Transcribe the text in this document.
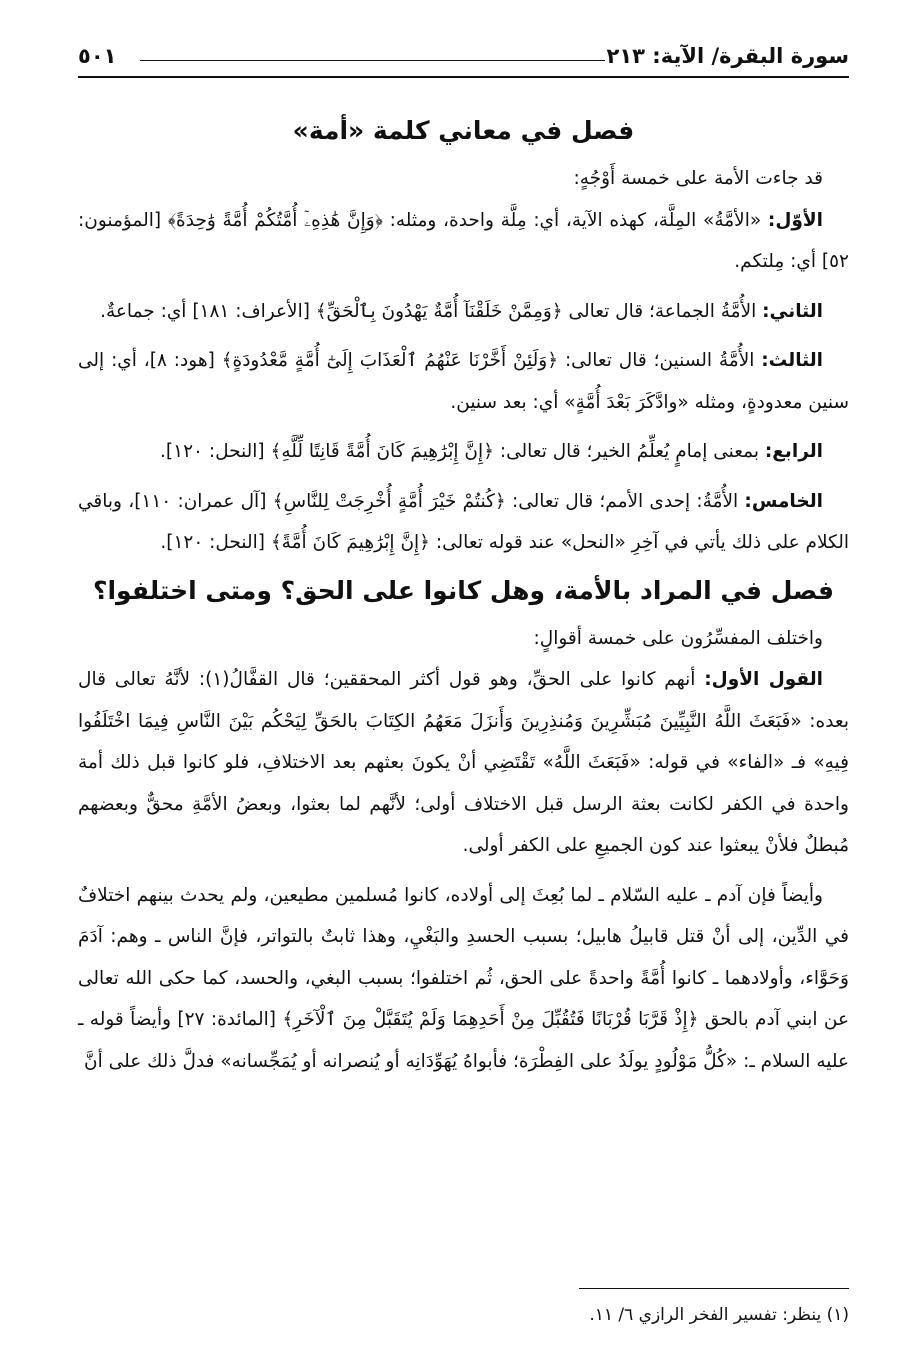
سورة البقرة/ الآية: ٢١٣
٥٠١
فصل في معاني كلمة «أمة»

قد جاءت الأمة على خمسة أَوْجُهٍ:

الأوّل: «الأمَّةُ» المِلَّة، كهذه الآية، أي: مِلَّة واحدة، ومثله: ﴿وَإِنَّ هَٰذِهِۦٓ أُمَّتُكُمْ أُمَّةً وَٰحِدَةً﴾ [المؤمنون: ٥٢] أي: مِلتكم.

الثاني: الأُمَّةُ الجماعة؛ قال تعالى ﴿وَمِمَّنْ خَلَقْنَآ أُمَّةٌ يَهْدُونَ بِٱلْحَقِّ﴾ [الأعراف: ١٨١] أي: جماعةٌ.

الثالث: الأُمَّةُ السنين؛ قال تعالى: ﴿وَلَئِنْ أَخَّرْنَا عَنْهُمُ ٱلْعَذَابَ إِلَىٰٓ أُمَّةٍ مَّعْدُودَةٍ﴾ [هود: ٨]، أي: إلى سنين معدودةٍ، ومثله «وادَّكَرَ بَعْدَ أُمَّةٍ» أي: بعد سنين.

الرابع: بمعنى إمامٍ يُعلِّمُ الخير؛ قال تعالى: ﴿إِنَّ إِبْرَٰهِيمَ كَانَ أُمَّةً قَانِتًا لِّلَّهِ﴾ [النحل: ١٢٠].

الخامس: الأُمَّةُ: إحدى الأمم؛ قال تعالى: ﴿كُنتُمْ خَيْرَ أُمَّةٍ أُخْرِجَتْ لِلنَّاسِ﴾ [آل عمران: ١١٠]، وباقي الكلام على ذلك يأتي في آخِرِ «النحل» عند قوله تعالى: ﴿إِنَّ إِبْرَٰهِيمَ كَانَ أُمَّةً﴾ [النحل: ١٢٠].

فصل في المراد بالأمة، وهل كانوا على الحق؟ ومتى اختلفوا؟

واختلف المفسِّرُون على خمسة أقوالٍ:

القول الأول: أنهم كانوا على الحقِّ، وهو قول أكثر المحققين؛ قال القفَّالُ(١): لأنَّهُ تعالى قال بعده: «فَبَعَثَ اللَّهُ النَّبِيِّينَ مُبَشِّرِينَ وَمُنذِرِينَ وَأَنزَلَ مَعَهُمُ الكِتَابَ بالحَقِّ لِيَحْكُم بَيْنَ النَّاسِ فِيمَا اخْتَلَفُوا فِيهِ» فـ «الفاء» في قوله: «فَبَعَثَ اللَّهُ» تَقْتَضِي أنْ يكونَ بعثهم بعد الاختلافِ، فلو كانوا قبل ذلك أمة واحدة في الكفر لكانت بعثة الرسل قبل الاختلاف أولى؛ لأنَّهم لما بعثوا، وبعضُ الأمَّةِ محقٌّ وبعضهم مُبطلٌ فلأنْ يبعثوا عند كون الجميعِ على الكفر أولى.

وأيضاً فإن آدم ـ عليه السّلام ـ لما بُعِثَ إلى أولاده، كانوا مُسلمين مطيعين، ولم يحدث بينهم اختلافٌ في الدِّين، إلى أنْ قتل قابيلُ هابيل؛ بسبب الحسدِ والبَغْيِ، وهذا ثابتٌ بالتواتر، فإنَّ الناس ـ وهم: آدَمَ وَحَوَّاء، وأولادهما ـ كانوا أُمَّةً واحدةً على الحق، ثُم اختلفوا؛ بسبب البغي، والحسد، كما حكى الله تعالى عن ابني آدم بالحق ﴿إِذْ قَرَّبَا قُرْبَانًا فَتُقُبِّلَ مِنْ أَحَدِهِمَا وَلَمْ يُتَقَبَّلْ مِنَ ٱلْآخَرِ﴾ [المائدة: ٢٧] وأيضاً قوله ـ عليه السلام ـ: «كُلُّ مَوْلُودٍ يولَدُ على الفِطْرَة؛ فأبواهُ يُهَوِّدَانِه أو يُنصرانه أو يُمَجِّسانه» فدلَّ ذلك على أنَّ

(١) ينظر: تفسير الفخر الرازي ٦/ ١١.
